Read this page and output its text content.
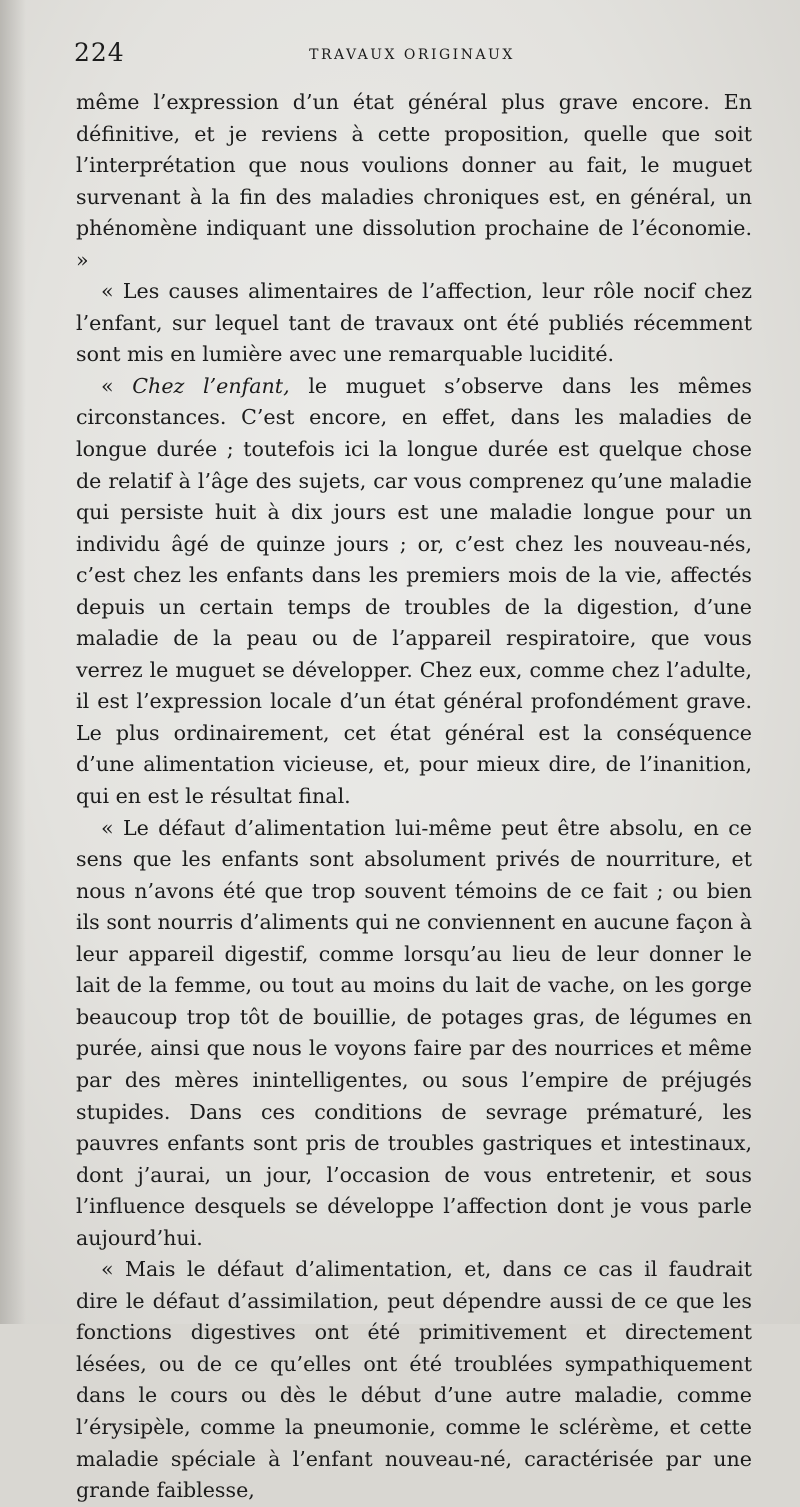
224	TRAVAUX ORIGINAUX

même l’expression d’un état général plus grave encore. En définitive, et je reviens à cette proposition, quelle que soit l’interprétation que nous voulions donner au fait, le muguet survenant à la fin des maladies chroniques est, en général, un phénomène indiquant une dissolution prochaine de l’économie. »

« Les causes alimentaires de l’affection, leur rôle nocif chez l’enfant, sur lequel tant de travaux ont été publiés récemment sont mis en lumière avec une remarquable lucidité.

« Chez l’enfant, le muguet s’observe dans les mêmes circonstances. C’est encore, en effet, dans les maladies de longue durée ; toutefois ici la longue durée est quelque chose de relatif à l’âge des sujets, car vous comprenez qu’une maladie qui persiste huit à dix jours est une maladie longue pour un individu âgé de quinze jours ; or, c’est chez les nouveau-nés, c’est chez les enfants dans les premiers mois de la vie, affectés depuis un certain temps de troubles de la digestion, d’une maladie de la peau ou de l’appareil respiratoire, que vous verrez le muguet se développer. Chez eux, comme chez l’adulte, il est l’expression locale d’un état général profondément grave. Le plus ordinairement, cet état général est la conséquence d’une alimentation vicieuse, et, pour mieux dire, de l’inanition, qui en est le résultat final.

« Le défaut d’alimentation lui-même peut être absolu, en ce sens que les enfants sont absolument privés de nourriture, et nous n’avons été que trop souvent témoins de ce fait ; ou bien ils sont nourris d’aliments qui ne conviennent en aucune façon à leur appareil digestif, comme lorsqu’au lieu de leur donner le lait de la femme, ou tout au moins du lait de vache, on les gorge beaucoup trop tôt de bouillie, de potages gras, de légumes en purée, ainsi que nous le voyons faire par des nourrices et même par des mères inintelligentes, ou sous l’empire de préjugés stupides. Dans ces conditions de sevrage prématuré, les pauvres enfants sont pris de troubles gastriques et intestinaux, dont j’aurai, un jour, l’occasion de vous entretenir, et sous l’influence desquels se développe l’affection dont je vous parle aujourd’hui.

« Mais le défaut d’alimentation, et, dans ce cas il faudrait dire le défaut d’assimilation, peut dépendre aussi de ce que les fonctions digestives ont été primitivement et directement lésées, ou de ce qu’elles ont été troublées sympathiquement dans le cours ou dès le début d’une autre maladie, comme l’érysipèle, comme la pneumonie, comme le sclérème, et cette maladie spéciale à l’enfant nouveau-né, caractérisée par une grande faiblesse,
